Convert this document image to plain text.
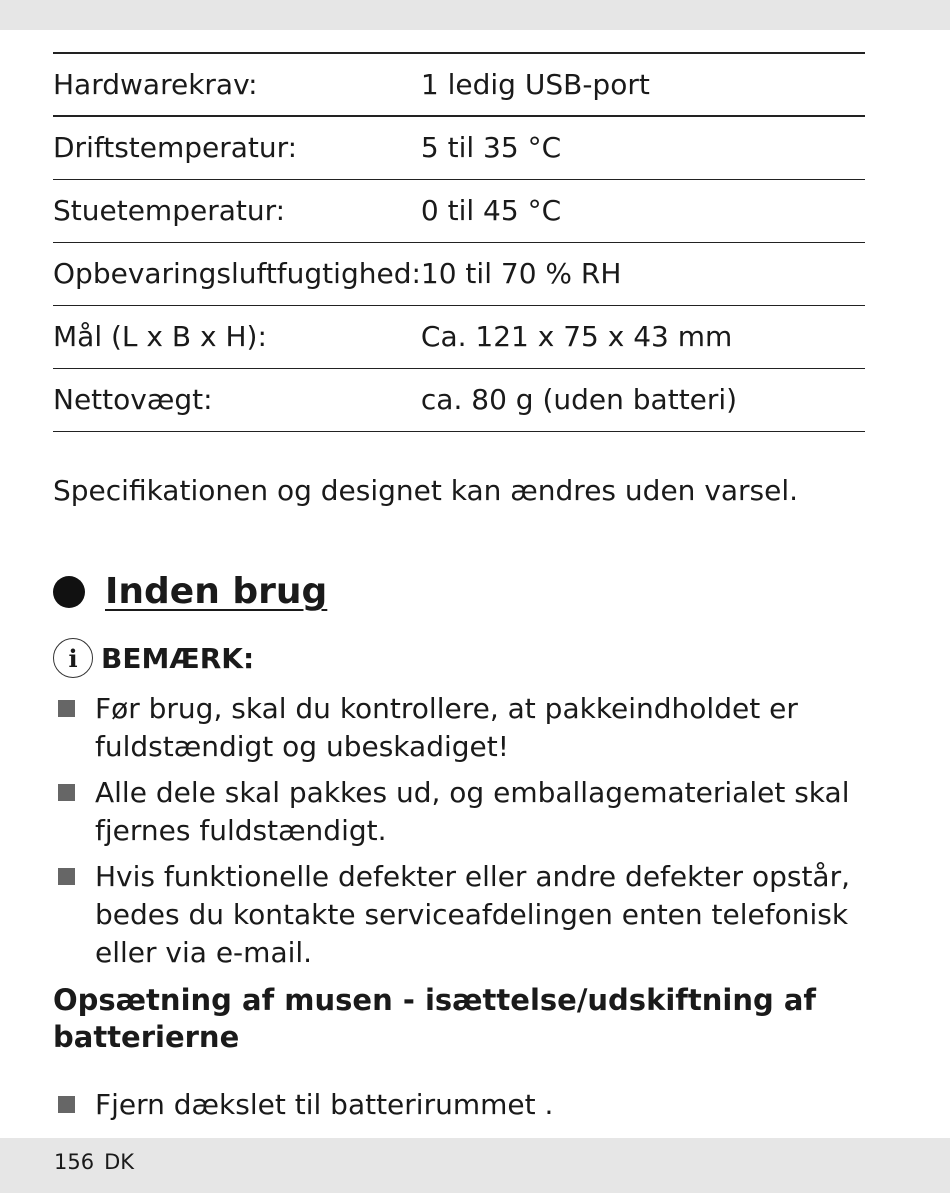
Hardwarekrav:	1 ledig USB-port
Driftstemperatur:	5 til 35 °C
Stuetemperatur:	0 til 45 °C
Opbevaringsluftfugtighed:	10 til 70 % RH
Mål (L x B x H):	Ca. 121 x 75 x 43 mm
Nettovægt:	ca. 80 g (uden batteri)
Specifikationen og designet kan ændres uden varsel.
Inden brug
i BEMÆRK:
Før brug, skal du kontrollere, at pakkeindholdet er fuldstændigt og ubeskadiget!
Alle dele skal pakkes ud, og emballagematerialet skal fjernes fuldstændigt.
Hvis funktionelle defekter eller andre defekter opstår, bedes du kontakte serviceafdelingen enten telefonisk eller via e-mail.
Opsætning af musen - isættelse/udskiftning af batterierne
Fjern dækslet til batterirummet .
156 DK
